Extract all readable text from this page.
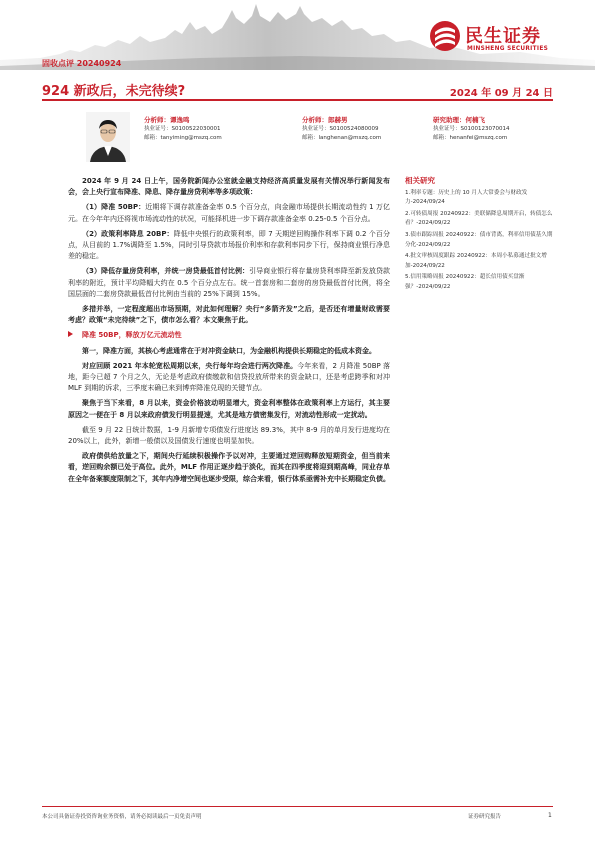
民生证券
MINSHENG SECURITIES
固收点评 20240924
924 新政后，未完待续?	2024 年 09 月 24 日
分析师：谭逸鸣
执业证号：S0100522030001
邮箱：tanyiming@mszq.com
分析师：郎赫男
执业证号：S0100524080009
邮箱：langhenan@mszq.com
研究助理：何楠飞
执业证号：S0100123070014
邮箱：henanfei@mszq.com

2024 年 9 月 24 日上午，国务院新闻办公室就金融支持经济高质量发展有关情况举行新闻发布会，会上央行宣布降准、降息、降存量房贷利率等多项政策：

（1）降准 50BP：近期将下调存款准备金率 0.5 个百分点，向金融市场提供长期流动性约 1 万亿元。在今年年内还将视市场流动性的状况，可能择机进一步下调存款准备金率 0.25-0.5 个百分点。

（2）政策利率降息 20BP：降低中央银行的政策利率，即 7 天期逆回购操作利率下调 0.2 个百分点，从目前的 1.7%调降至 1.5%，同时引导贷款市场报价利率和存款利率同步下行，保持商业银行净息差的稳定。

（3）降低存量房贷利率，并统一房贷最低首付比例：引导商业银行将存量房贷利率降至新发放贷款利率的附近，预计平均降幅大约在 0.5 个百分点左右。统一首套房和二套房的房贷最低首付比例，将全国层面的二套房贷款最低首付比例由当前的 25%下调到 15%。

多措并举，一定程度超出市场预期，对此如何理解？央行“多箭齐发”之后，是否还有增量财政需要考虑？政策“未完待续”之下，债市怎么看？本文聚焦于此。

降准 50BP，释放万亿元流动性

第一，降准方面，其核心考虑通常在于对冲资金缺口，为金融机构提供长期稳定的低成本资金。

对应回顾 2021 年本轮宽松周期以来，央行每年均会进行两次降准。今年来看，2 月降准 50BP 落地，距今已超 7 个月之久，无论是考虑政府债缴款和信贷投放所带来的资金缺口，还是考虑跨季和对冲 MLF 到期的诉求，三季度末确已来到博弈降准兑现的关键节点。

聚焦于当下来看，8 月以来，资金价格波动明显增大，资金利率整体在政策利率上方运行，其主要原因之一便在于 8 月以来政府债发行明显提速，尤其是地方债密集发行，对流动性形成一定扰动。

截至 9 月 22 日统计数据，1-9 月新增专项债发行进度达 89.3%，其中 8-9 月的单月发行进度均在 20%以上，此外，新增一般债以及国债发行速度也明显加快。

政府债供给放量之下，期间央行延续积极操作予以对冲，主要通过逆回购释放短期资金，但当前来看，逆回购余额已处于高位。此外，MLF 作用正逐步趋于淡化，而其在四季度将迎到期高峰，同业存单在全年备案额度限制之下，其年内净增空间也逐步受限，综合来看，银行体系亟需补充中长期稳定负债。

相关研究
1.利率专题：历史上的 10 月人大常委会与财政发力-2024/09/24
2.可转债周报 20240922：美联储降息周期开启，转债怎么看？-2024/09/22
3.债市跟踪周报 20240922：债市背离，利率信用债基久期分化-2024/09/22
4.批文审核周度跟踪 20240922：本周小私募通过批文增加-2024/09/22
5.信用策略周报 20240922：超长信用债买盘渐强？-2024/09/22
本公司具备证券投资咨询业务资格，请务必阅读最后一页免责声明	证券研究报告	1
